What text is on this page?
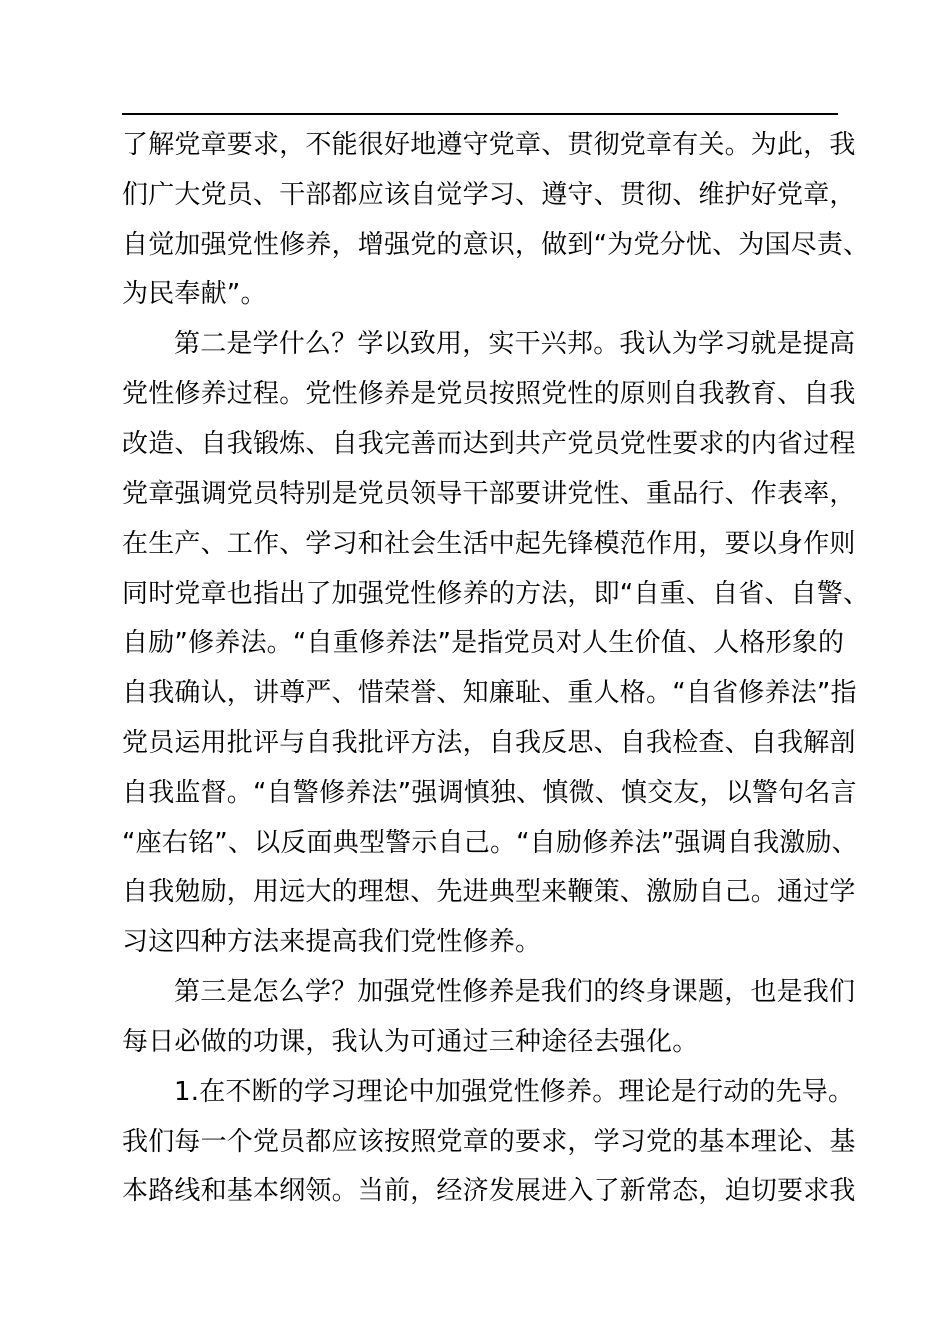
了解党章要求，不能很好地遵守党章、贯彻党章有关。为此，我
们广大党员、干部都应该自觉学习、遵守、贯彻、维护好党章，
自觉加强党性修养，增强党的意识，做到“为党分忧、为国尽责、
为民奉献”。
第二是学什么？学以致用，实干兴邦。我认为学习就是提高
党性修养过程。党性修养是党员按照党性的原则自我教育、自我
改造、自我锻炼、自我完善而达到共产党员党性要求的内省过程
党章强调党员特别是党员领导干部要讲党性、重品行、作表率，
在生产、工作、学习和社会生活中起先锋模范作用，要以身作则
同时党章也指出了加强党性修养的方法，即“自重、自省、自警、
自励”修养法。“自重修养法”是指党员对人生价值、人格形象的
自我确认，讲尊严、惜荣誉、知廉耻、重人格。“自省修养法”指
党员运用批评与自我批评方法，自我反思、自我检查、自我解剖
自我监督。“自警修养法”强调慎独、慎微、慎交友，以警句名言
“座右铭”、以反面典型警示自己。“自励修养法”强调自我激励、
自我勉励，用远大的理想、先进典型来鞭策、激励自己。通过学
习这四种方法来提高我们党性修养。
第三是怎么学？加强党性修养是我们的终身课题，也是我们
每日必做的功课，我认为可通过三种途径去强化。
1.在不断的学习理论中加强党性修养。理论是行动的先导。
我们每一个党员都应该按照党章的要求，学习党的基本理论、基
本路线和基本纲领。当前，经济发展进入了新常态，迫切要求我
